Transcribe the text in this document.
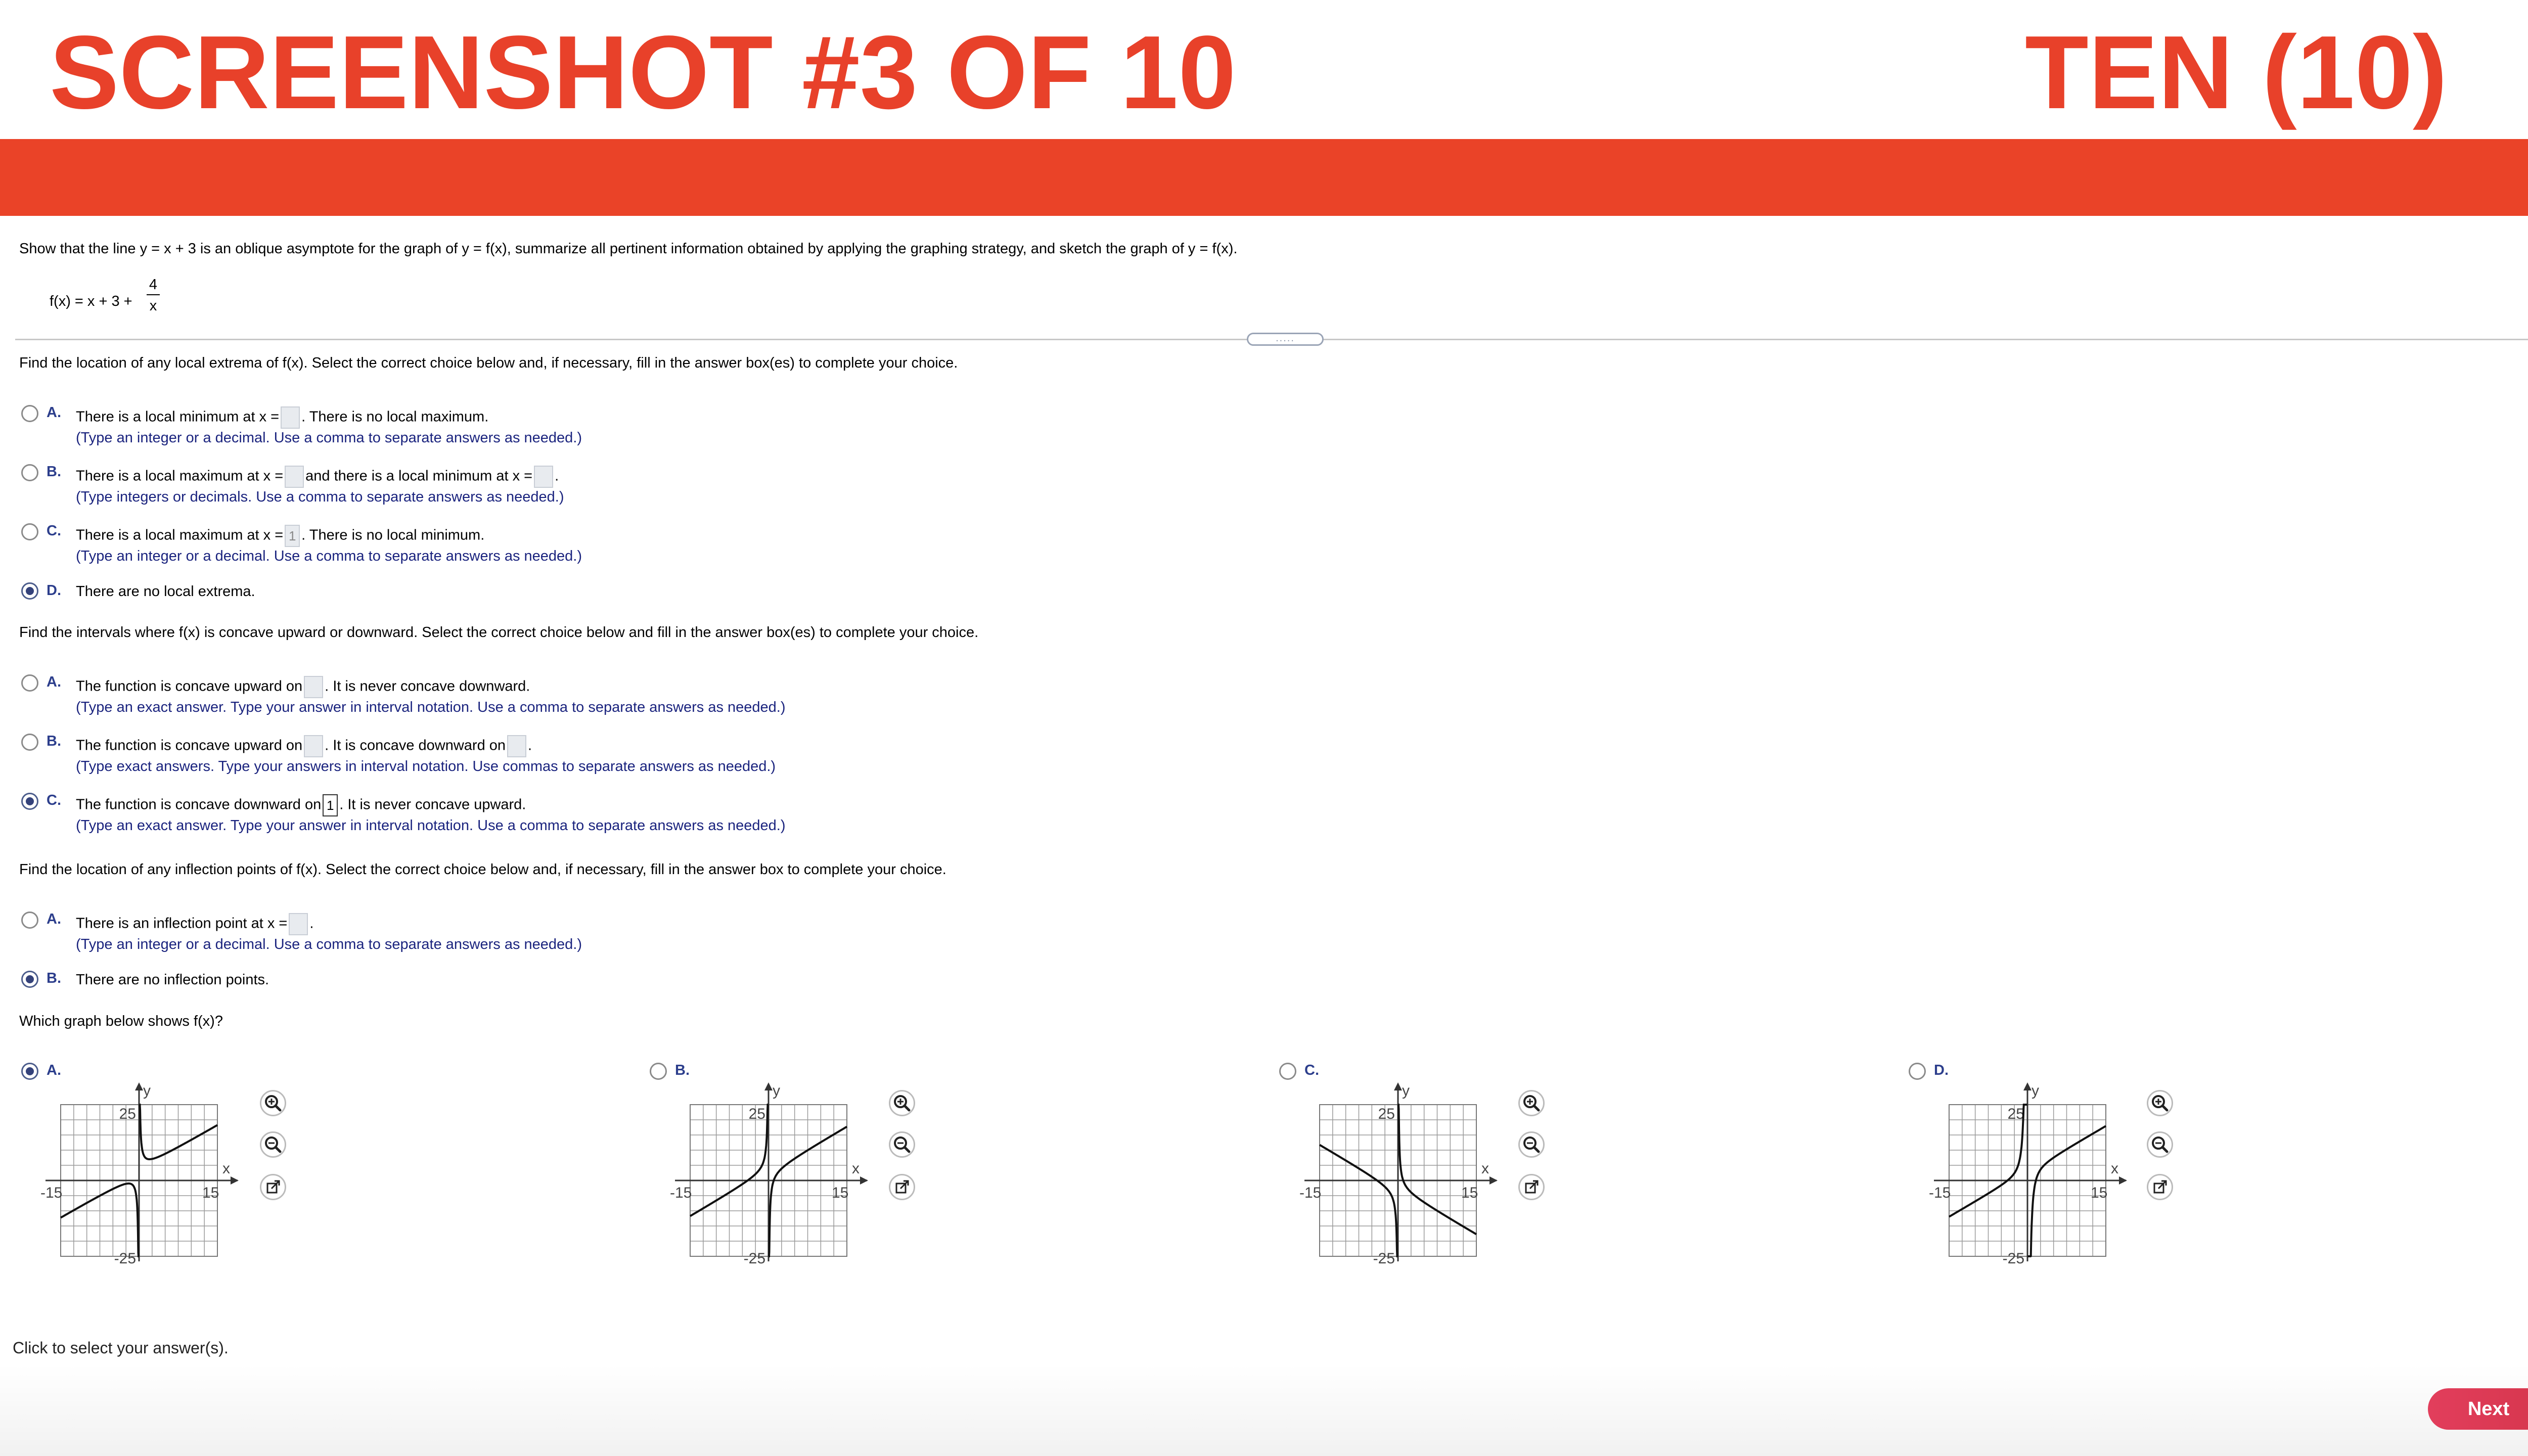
SCREENSHOT #3 OF 10	TEN (10)
Show that the line y = x + 3 is an oblique asymptote for the graph of y = f(x), summarize all pertinent information obtained by applying the graphing strategy, and sketch the graph of y = f(x).
f(x) = x + 3 +
4
x
.....
Find the location of any local extrema of f(x). Select the correct choice below and, if necessary, fill in the answer box(es) to complete your choice.
A. There is a local minimum at x = . There is no local maximum.
(Type an integer or a decimal. Use a comma to separate answers as needed.)
B. There is a local maximum at x = and there is a local minimum at x = .
(Type integers or decimals. Use a comma to separate answers as needed.)
C. There is a local maximum at x = 1 . There is no local minimum.
(Type an integer or a decimal. Use a comma to separate answers as needed.)
D. There are no local extrema.
Find the intervals where f(x) is concave upward or downward. Select the correct choice below and fill in the answer box(es) to complete your choice.
A. The function is concave upward on . It is never concave downward.
(Type an exact answer. Type your answer in interval notation. Use a comma to separate answers as needed.)
B. The function is concave upward on . It is concave downward on .
(Type exact answers. Type your answers in interval notation. Use commas to separate answers as needed.)
C. The function is concave downward on 1 . It is never concave upward.
(Type an exact answer. Type your answer in interval notation. Use a comma to separate answers as needed.)
Find the location of any inflection points of f(x). Select the correct choice below and, if necessary, fill in the answer box to complete your choice.
A. There is an inflection point at x = .
(Type an integer or a decimal. Use a comma to separate answers as needed.)
B. There are no inflection points.
Which graph below shows f(x)?
A.	B.	C.	D.
y
x
25
-25
-15	15
y
x
25
-25
-15	15
y
x
25
-25
-15	15
y
x
25
-25
-15	15
Click to select your answer(s).
Next
